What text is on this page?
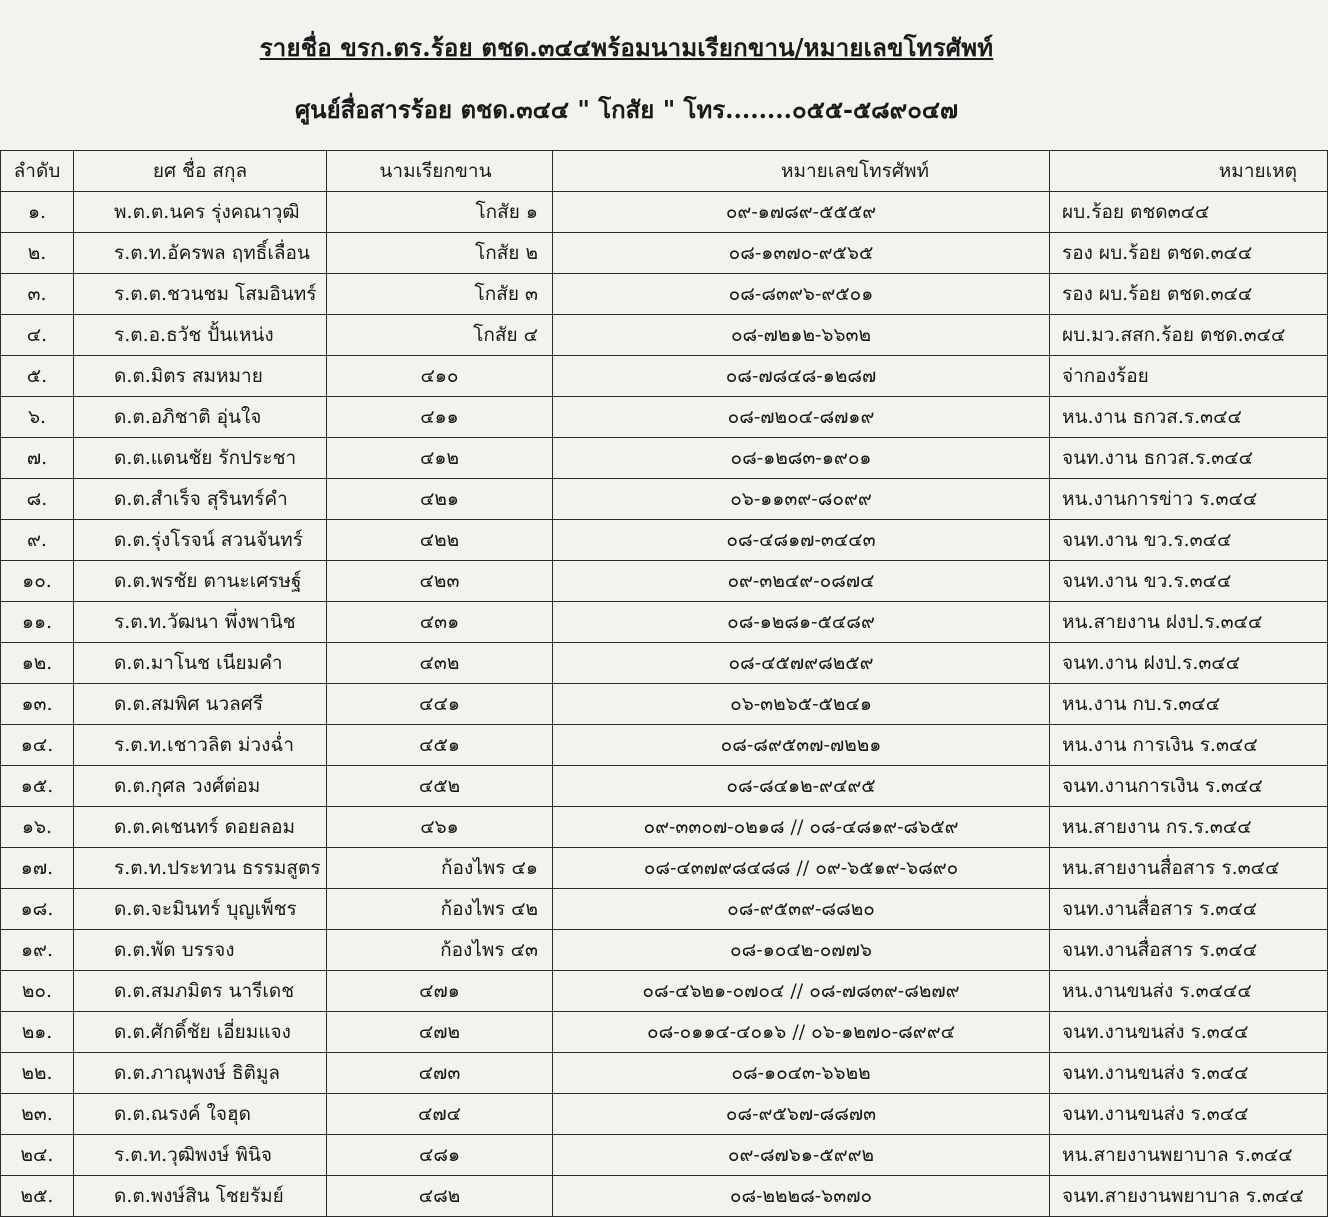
รายชื่อ ขรก.ตร.ร้อย ตชด.๓๔๔พร้อมนามเรียกขาน/หมายเลขโทรศัพท์
ศูนย์สื่อสารร้อย ตชด.๓๔๔ " โกสัย " โทร........๐๕๕-๕๘๙๐๔๗
ลำดับ	ยศ ชื่อ สกุล	นามเรียกขาน	หมายเลขโทรศัพท์	หมายเหตุ
๑.	พ.ต.ต.นคร รุ่งคณาวุฒิ	โกสัย ๑	๐๙-๑๗๘๙-๕๕๕๙	ผบ.ร้อย ตชด๓๔๔
๒.	ร.ต.ท.อัครพล ฤทธิ์เลื่อน	โกสัย ๒	๐๘-๑๓๗๐-๙๕๖๕	รอง ผบ.ร้อย ตชด.๓๔๔
๓.	ร.ต.ต.ชวนชม โสมอินทร์	โกสัย ๓	๐๘-๘๓๙๖-๙๕๐๑	รอง ผบ.ร้อย ตชด.๓๔๔
๔.	ร.ต.อ.ธวัช ปั้นเหน่ง	โกสัย ๔	๐๘-๗๒๑๒-๖๖๓๒	ผบ.มว.สสก.ร้อย ตชด.๓๔๔
๕.	ด.ต.มิตร สมหมาย	๔๑๐	๐๘-๗๘๔๘-๑๒๘๗	จ่ากองร้อย
๖.	ด.ต.อภิชาติ อุ่นใจ	๔๑๑	๐๘-๗๒๐๔-๘๗๑๙	หน.งาน ธกวส.ร.๓๔๔
๗.	ด.ต.แดนชัย รักประชา	๔๑๒	๐๘-๑๒๘๓-๑๙๐๑	จนท.งาน ธกวส.ร.๓๔๔
๘.	ด.ต.สำเร็จ สุรินทร์คำ	๔๒๑	๐๖-๑๑๓๙-๘๐๙๙	หน.งานการข่าว ร.๓๔๔
๙.	ด.ต.รุ่งโรจน์ สวนจันทร์	๔๒๒	๐๘-๔๘๑๗-๓๔๔๓	จนท.งาน ขว.ร.๓๔๔
๑๐.	ด.ต.พรชัย ตานะเศรษฐ์	๔๒๓	๐๙-๓๒๔๙-๐๘๗๔	จนท.งาน ขว.ร.๓๔๔
๑๑.	ร.ต.ท.วัฒนา พึ่งพานิช	๔๓๑	๐๘-๑๒๘๑-๕๔๘๙	หน.สายงาน ฝงป.ร.๓๔๔
๑๒.	ด.ต.มาโนช เนียมคำ	๔๓๒	๐๘-๔๕๗๙๘๒๕๙	จนท.งาน ฝงป.ร.๓๔๔
๑๓.	ด.ต.สมพิศ นวลศรี	๔๔๑	๐๖-๓๒๖๕-๕๒๔๑	หน.งาน กบ.ร.๓๔๔
๑๔.	ร.ต.ท.เชาวลิต ม่วงฉ่ำ	๔๕๑	๐๘-๘๙๕๓๗-๗๒๒๑	หน.งาน การเงิน ร.๓๔๔
๑๕.	ด.ต.กุศล วงศ์ต่อม	๔๕๒	๐๘-๘๔๑๒-๙๔๙๕	จนท.งานการเงิน ร.๓๔๔
๑๖.	ด.ต.คเชนทร์ ดอยลอม	๔๖๑	๐๙-๓๓๐๗-๐๒๑๘ // ๐๘-๔๘๑๙-๘๖๕๙	หน.สายงาน กร.ร.๓๔๔
๑๗.	ร.ต.ท.ประทวน ธรรมสูตร	ก้องไพร ๔๑	๐๘-๔๓๗๙๘๔๘๘ // ๐๙-๖๕๑๙-๖๘๙๐	หน.สายงานสื่อสาร ร.๓๔๔
๑๘.	ด.ต.จะมินทร์ บุญเพ็ชร	ก้องไพร ๔๒	๐๘-๙๕๓๙-๘๘๒๐	จนท.งานสื่อสาร ร.๓๔๔
๑๙.	ด.ต.พัด บรรจง	ก้องไพร ๔๓	๐๘-๑๐๔๒-๐๗๗๖	จนท.งานสื่อสาร ร.๓๔๔
๒๐.	ด.ต.สมภมิตร นารีเดช	๔๗๑	๐๘-๔๖๒๑-๐๗๐๔ // ๐๘-๗๘๓๙-๘๒๗๙	หน.งานขนส่ง ร.๓๔๔๔
๒๑.	ด.ต.ศักดิ์ชัย เอี่ยมแจง	๔๗๒	๐๘-๐๑๑๔-๔๐๑๖ // ๐๖-๑๒๗๐-๘๙๙๔	จนท.งานขนส่ง ร.๓๔๔
๒๒.	ด.ต.ภาณุพงษ์ ธิติมูล	๔๗๓	๐๘-๑๐๔๓-๖๖๒๒	จนท.งานขนส่ง ร.๓๔๔
๒๓.	ด.ต.ณรงค์ ใจฮุด	๔๗๔	๐๘-๙๕๖๗-๘๘๗๓	จนท.งานขนส่ง ร.๓๔๔
๒๔.	ร.ต.ท.วุฒิพงษ์ พินิจ	๔๘๑	๐๙-๘๗๖๑-๕๙๙๒	หน.สายงานพยาบาล ร.๓๔๔
๒๕.	ด.ต.พงษ์สิน โชยรัมย์	๔๘๒	๐๘-๒๒๒๘-๖๓๗๐	จนท.สายงานพยาบาล ร.๓๔๔
